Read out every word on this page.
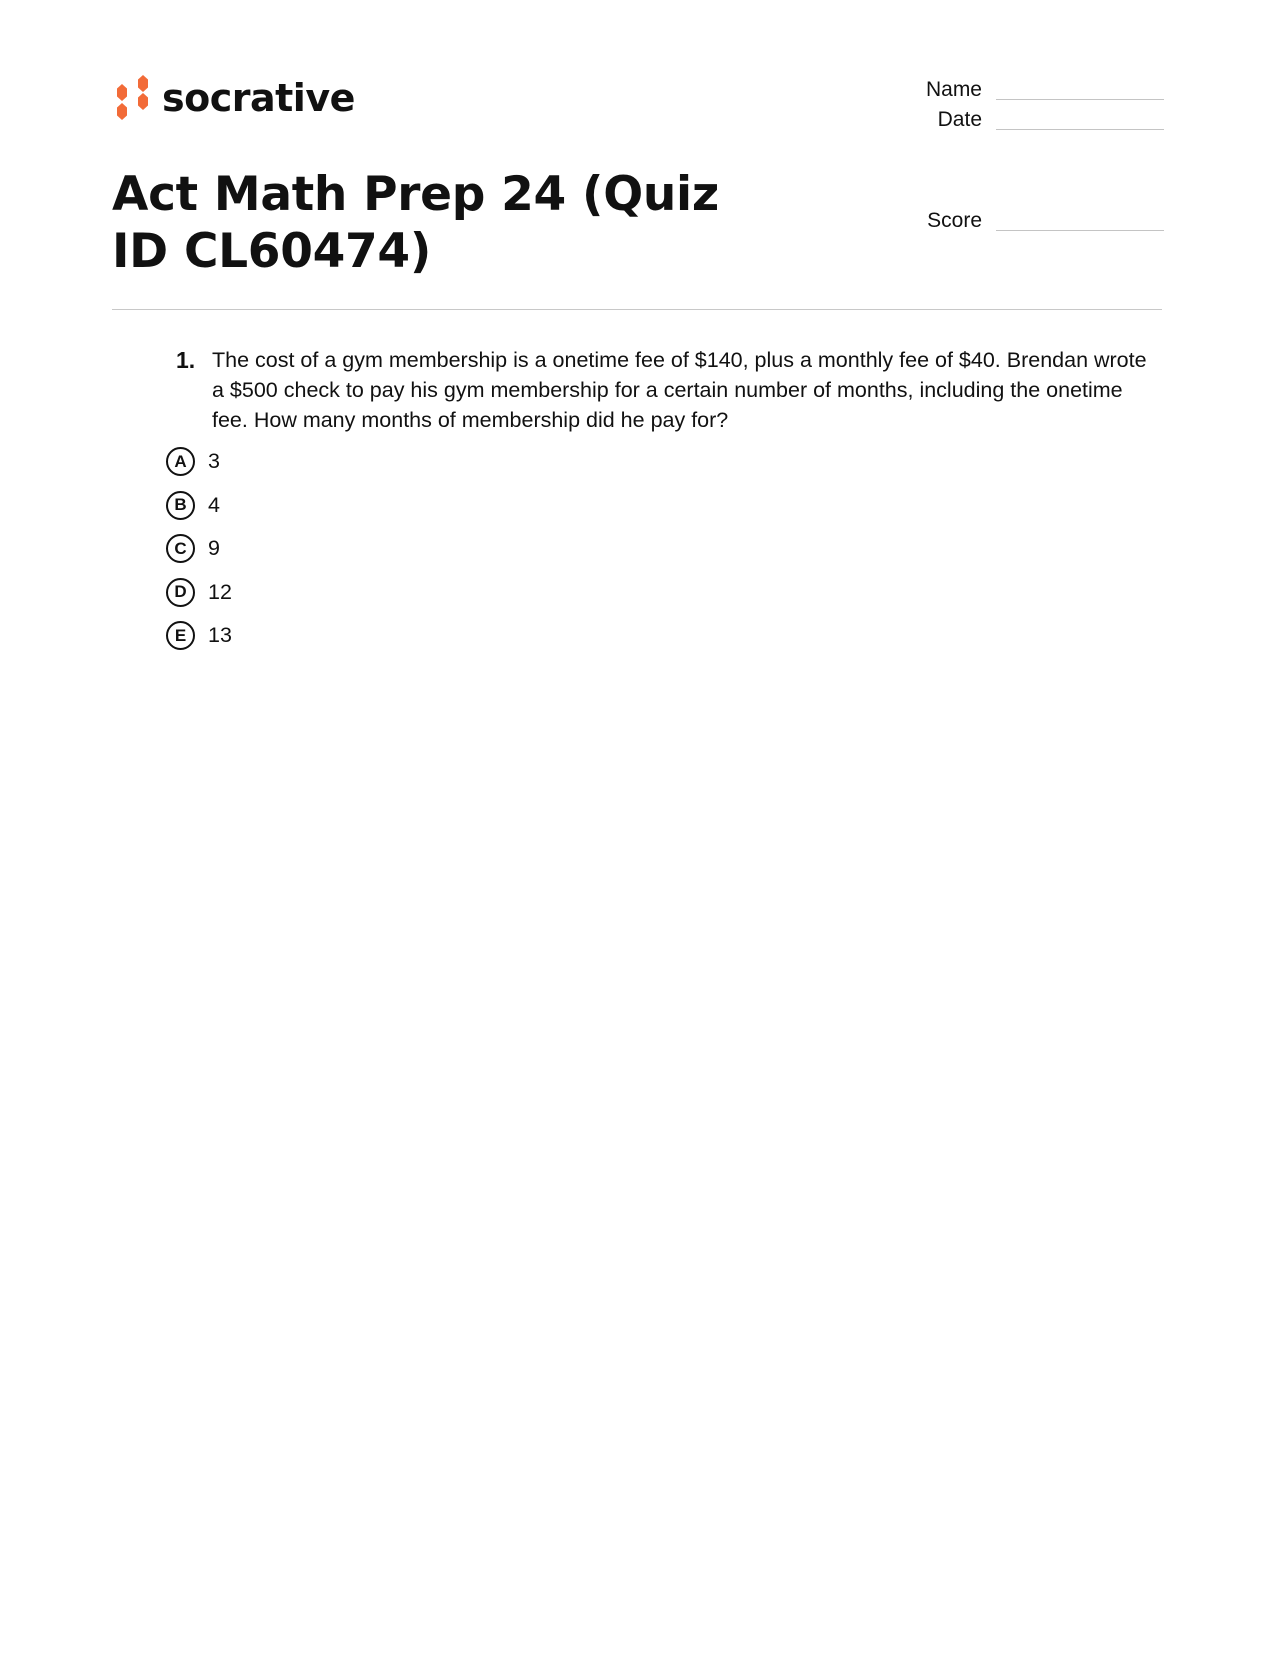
socrative	Name
Date
Score
Act Math Prep 24 (Quiz ID CL60474)
1. The cost of a gym membership is a onetime fee of $140, plus a monthly fee of $40. Brendan wrote a $500 check to pay his gym membership for a certain number of months, including the onetime fee. How many months of membership did he pay for?
A 3
B 4
C 9
D 12
E	13
